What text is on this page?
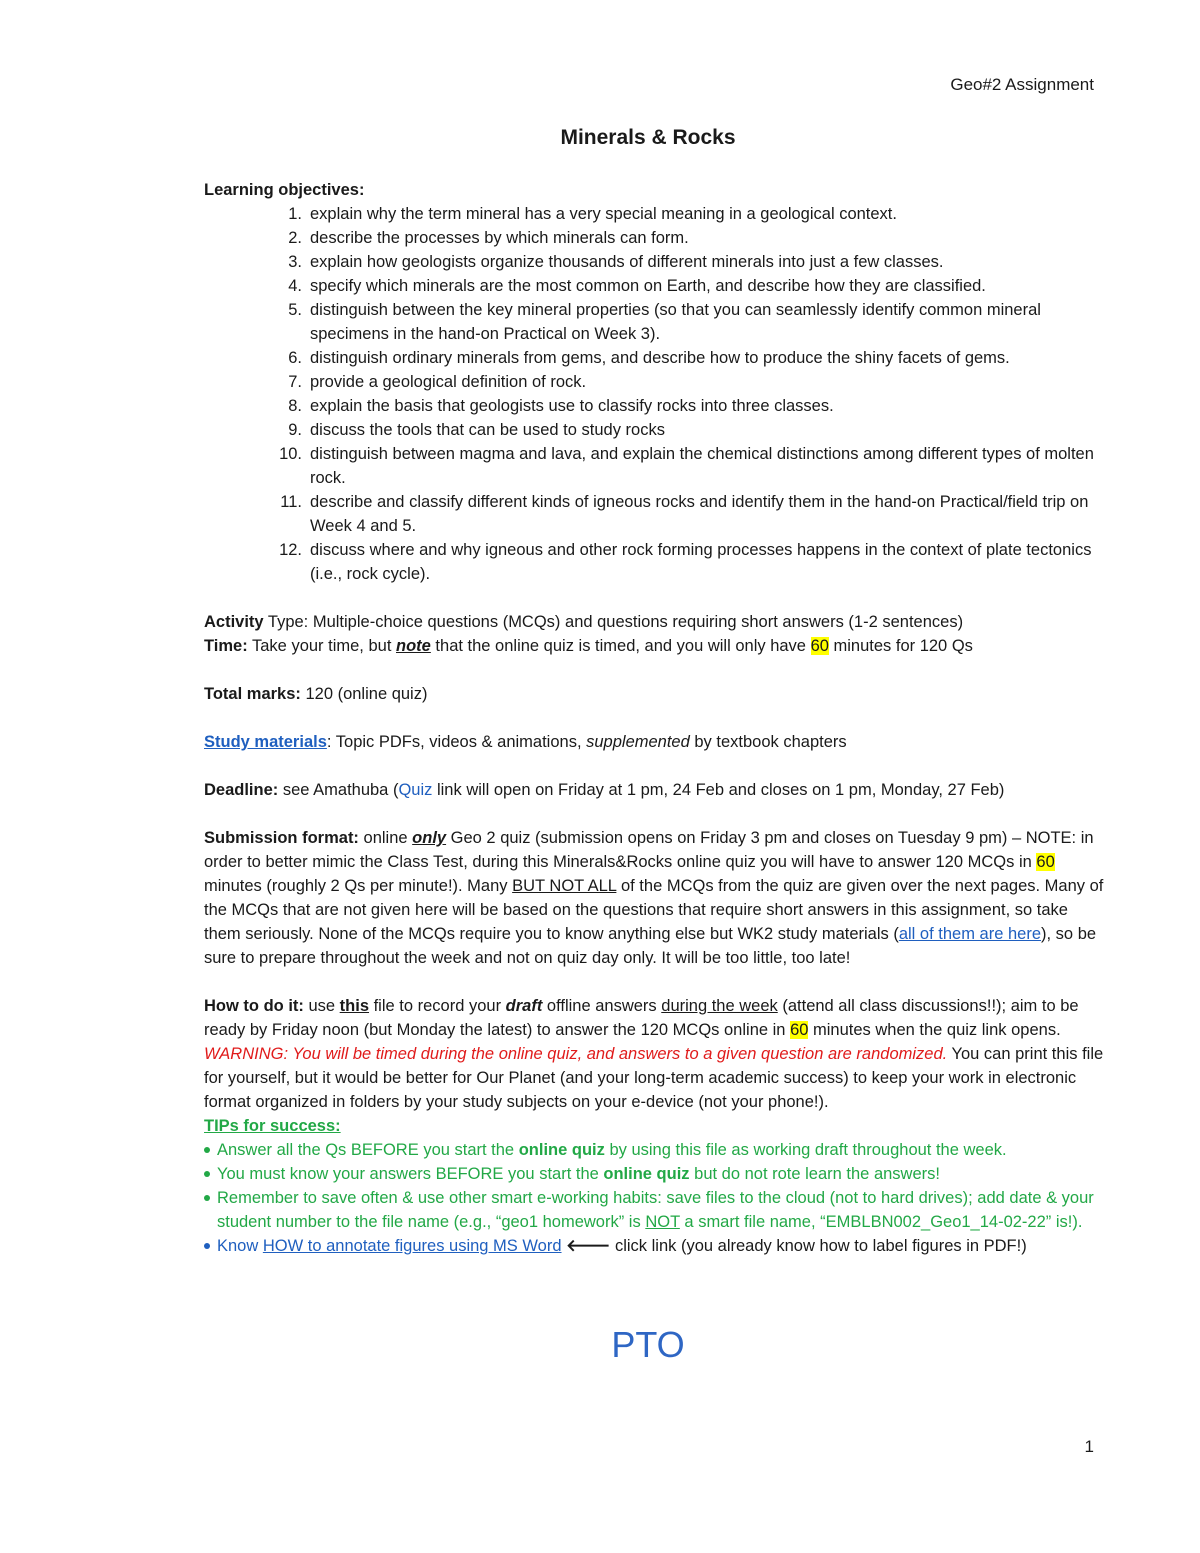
Geo#2 Assignment
Minerals & Rocks
Learning objectives:
1. explain why the term mineral has a very special meaning in a geological context.
2. describe the processes by which minerals can form.
3. explain how geologists organize thousands of different minerals into just a few classes.
4. specify which minerals are the most common on Earth, and describe how they are classified.
5. distinguish between the key mineral properties (so that you can seamlessly identify common mineral specimens in the hand-on Practical on Week 3).
6. distinguish ordinary minerals from gems, and describe how to produce the shiny facets of gems.
7. provide a geological definition of rock.
8. explain the basis that geologists use to classify rocks into three classes.
9. discuss the tools that can be used to study rocks
10. distinguish between magma and lava, and explain the chemical distinctions among different types of molten rock.
11. describe and classify different kinds of igneous rocks and identify them in the hand-on Practical/field trip on Week 4 and 5.
12. discuss where and why igneous and other rock forming processes happens in the context of plate tectonics (i.e., rock cycle).
Activity Type: Multiple-choice questions (MCQs) and questions requiring short answers (1-2 sentences)
Time: Take your time, but note that the online quiz is timed, and you will only have 60 minutes for 120 Qs
Total marks: 120 (online quiz)
Study materials: Topic PDFs, videos & animations, supplemented by textbook chapters
Deadline: see Amathuba (Quiz link will open on Friday at 1 pm, 24 Feb and closes on 1 pm, Monday, 27 Feb)
Submission format: online only Geo 2 quiz (submission opens on Friday 3 pm and closes on Tuesday 9 pm) – NOTE: in order to better mimic the Class Test, during this Minerals&Rocks online quiz you will have to answer 120 MCQs in 60 minutes (roughly 2 Qs per minute!). Many BUT NOT ALL of the MCQs from the quiz are given over the next pages. Many of the MCQs that are not given here will be based on the questions that require short answers in this assignment, so take them seriously. None of the MCQs require you to know anything else but WK2 study materials (all of them are here), so be sure to prepare throughout the week and not on quiz day only. It will be too little, too late!
How to do it: use this file to record your draft offline answers during the week (attend all class discussions!!); aim to be ready by Friday noon (but Monday the latest) to answer the 120 MCQs online in 60 minutes when the quiz link opens. WARNING: You will be timed during the online quiz, and answers to a given question are randomized. You can print this file for yourself, but it would be better for Our Planet (and your long-term academic success) to keep your work in electronic format organized in folders by your study subjects on your e-device (not your phone!).
TIPs for success:
Answer all the Qs BEFORE you start the online quiz by using this file as working draft throughout the week.
You must know your answers BEFORE you start the online quiz but do not rote learn the answers!
Remember to save often & use other smart e-working habits: save files to the cloud (not to hard drives); add date & your student number to the file name (e.g., “geo1 homework” is NOT a smart file name, “EMBLBN002_Geo1_14-02-22” is!).
Know HOW to annotate figures using MS Word 🡐 click link (you already know how to label figures in PDF!)
PTO
1
